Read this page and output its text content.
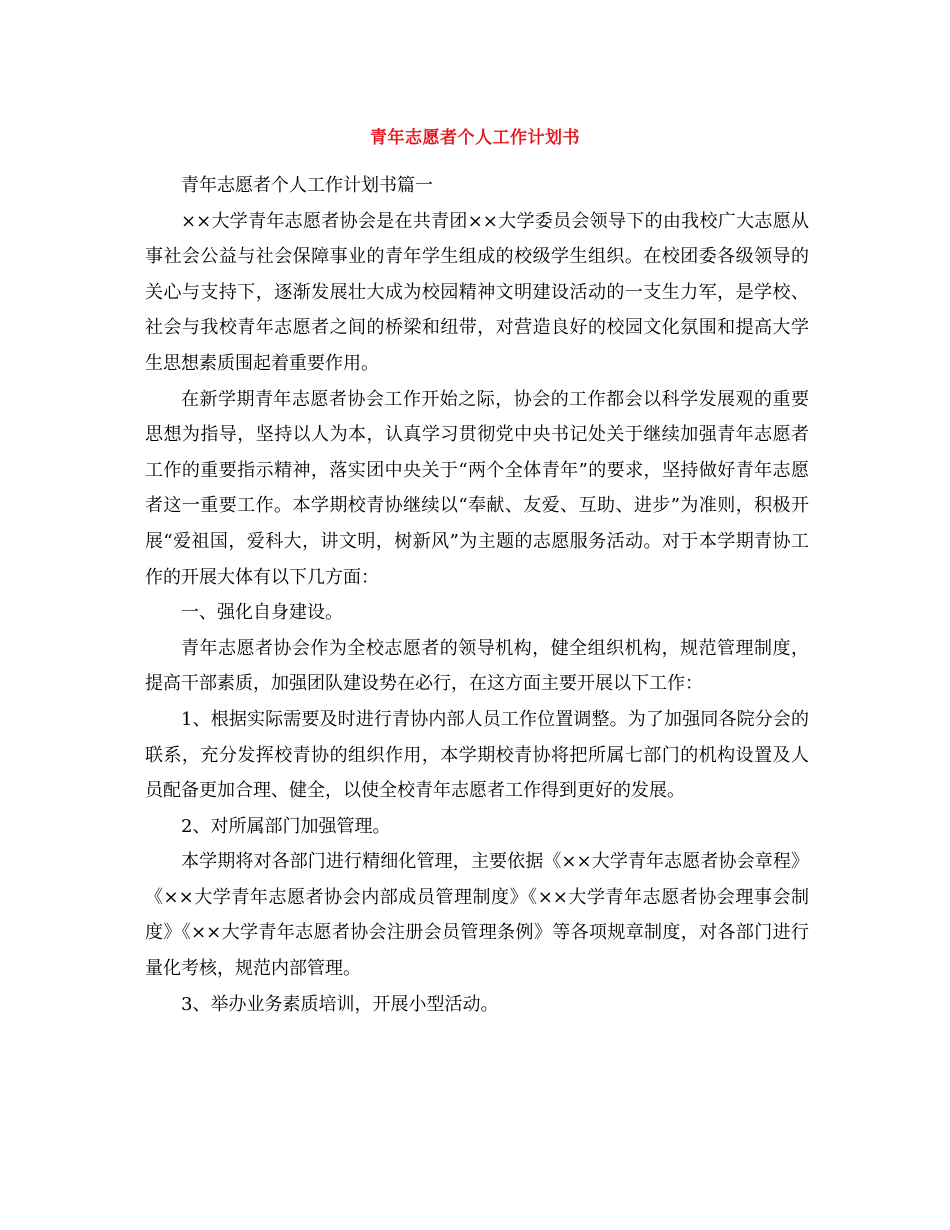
青年志愿者个人工作计划书

青年志愿者个人工作计划书篇一

××大学青年志愿者协会是在共青团××大学委员会领导下的由我校广大志愿从事社会公益与社会保障事业的青年学生组成的校级学生组织。在校团委各级领导的关心与支持下，逐渐发展壮大成为校园精神文明建设活动的一支生力军，是学校、社会与我校青年志愿者之间的桥梁和纽带，对营造良好的校园文化氛围和提高大学生思想素质围起着重要作用。

在新学期青年志愿者协会工作开始之际，协会的工作都会以科学发展观的重要思想为指导，坚持以人为本，认真学习贯彻党中央书记处关于继续加强青年志愿者工作的重要指示精神，落实团中央关于“两个全体青年”的要求，坚持做好青年志愿者这一重要工作。本学期校青协继续以“奉献、友爱、互助、进步”为准则，积极开展“爱祖国，爱科大，讲文明，树新风”为主题的志愿服务活动。对于本学期青协工作的开展大体有以下几方面：

一、强化自身建设。

青年志愿者协会作为全校志愿者的领导机构，健全组织机构，规范管理制度，提高干部素质，加强团队建设势在必行，在这方面主要开展以下工作：

1、根据实际需要及时进行青协内部人员工作位置调整。为了加强同各院分会的联系，充分发挥校青协的组织作用，本学期校青协将把所属七部门的机构设置及人员配备更加合理、健全，以使全校青年志愿者工作得到更好的发展。

2、对所属部门加强管理。

本学期将对各部门进行精细化管理，主要依据《××大学青年志愿者协会章程》《××大学青年志愿者协会内部成员管理制度》《××大学青年志愿者协会理事会制度》《××大学青年志愿者协会注册会员管理条例》等各项规章制度，对各部门进行量化考核，规范内部管理。

3、举办业务素质培训，开展小型活动。
